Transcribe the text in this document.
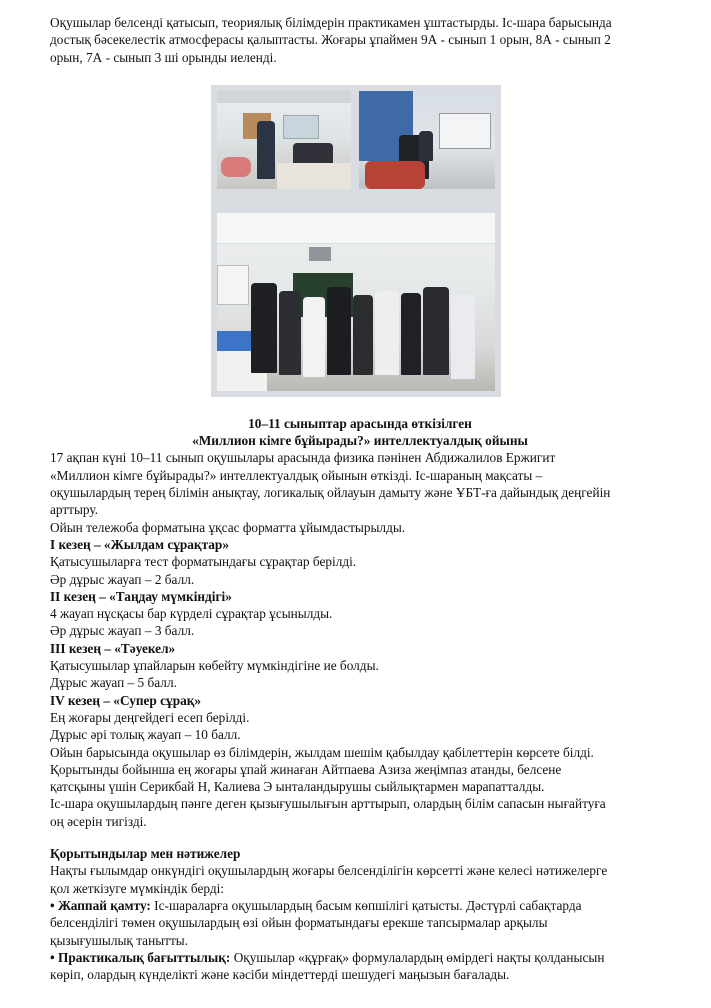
Оқушылар белсенді қатысып, теориялық білімдерін практикамен ұштастырды. Іс-шара барысында

достық бәсекелестік атмосферасы қалыптасты. Жоғары ұпаймен 9А - сынып 1 орын, 8А - сынып 2

орын, 7А - сынып 3 ші орынды иеленді.

10–11 сыныптар арасында өткізілген

«Миллион кімге бұйырады?» интеллектуалдық ойыны

17 ақпан күні 10–11 сынып оқушылары арасында физика пәнінен Абдижалилов Ержигит

«Миллион кімге бұйырады?» интеллектуалдық ойынын өткізді. Іс-шараның мақсаты –

оқушылардың терең білімін анықтау, логикалық ойлауын дамыту және ҰБТ-ға дайындық деңгейін

арттыру.

Ойын тележоба форматына ұқсас форматта ұйымдастырылды.

I кезең – «Жылдам сұрақтар»

Қатысушыларға тест форматындағы сұрақтар берілді.

Әр дұрыс жауап – 2 балл.

II кезең – «Таңдау мүмкіндігі»

4 жауап нұсқасы бар күрделі сұрақтар ұсынылды.

Әр дұрыс жауап – 3 балл.

III кезең – «Тәуекел»

Қатысушылар ұпайларын көбейту мүмкіндігіне ие болды.

Дұрыс жауап – 5 балл.

IV кезең – «Супер сұрақ»

Ең жоғары деңгейдегі есеп берілді.

Дұрыс әрі толық жауап – 10 балл.

Ойын барысында оқушылар өз білімдерін, жылдам шешім қабылдау қабілеттерін көрсете білді.

Қорытынды бойынша ең жоғары ұпай жинаған Айтпаева Азиза жеңімпаз атанды, белсене

қатсқыны үшін Серикбай Н, Калиева Э ынталандырушы сыйлықтармен марапатталды.

Іс-шара оқушылардың пәнге деген қызығушылығын арттырып, олардың білім сапасын нығайтуға

оң әсерін тигізді.

Қорытындылар мен нәтижелер

Нақты ғылымдар онкүндігі оқушылардың жоғары белсенділігін көрсетті және келесі нәтижелерге

қол жеткізуге мүмкіндік берді:

• Жаппай қамту: Іс-шараларға оқушылардың басым көпшілігі қатысты. Дәстүрлі сабақтарда

белсенділігі төмен оқушылардың өзі ойын форматындағы ерекше тапсырмалар арқылы

қызығушылық танытты.

• Практикалық бағыттылық: Оқушылар «құрғақ» формулалардың өмірдегі нақты қолданысын

көріп, олардың күнделікті және кәсіби міндеттерді шешудегі маңызын бағалады.
